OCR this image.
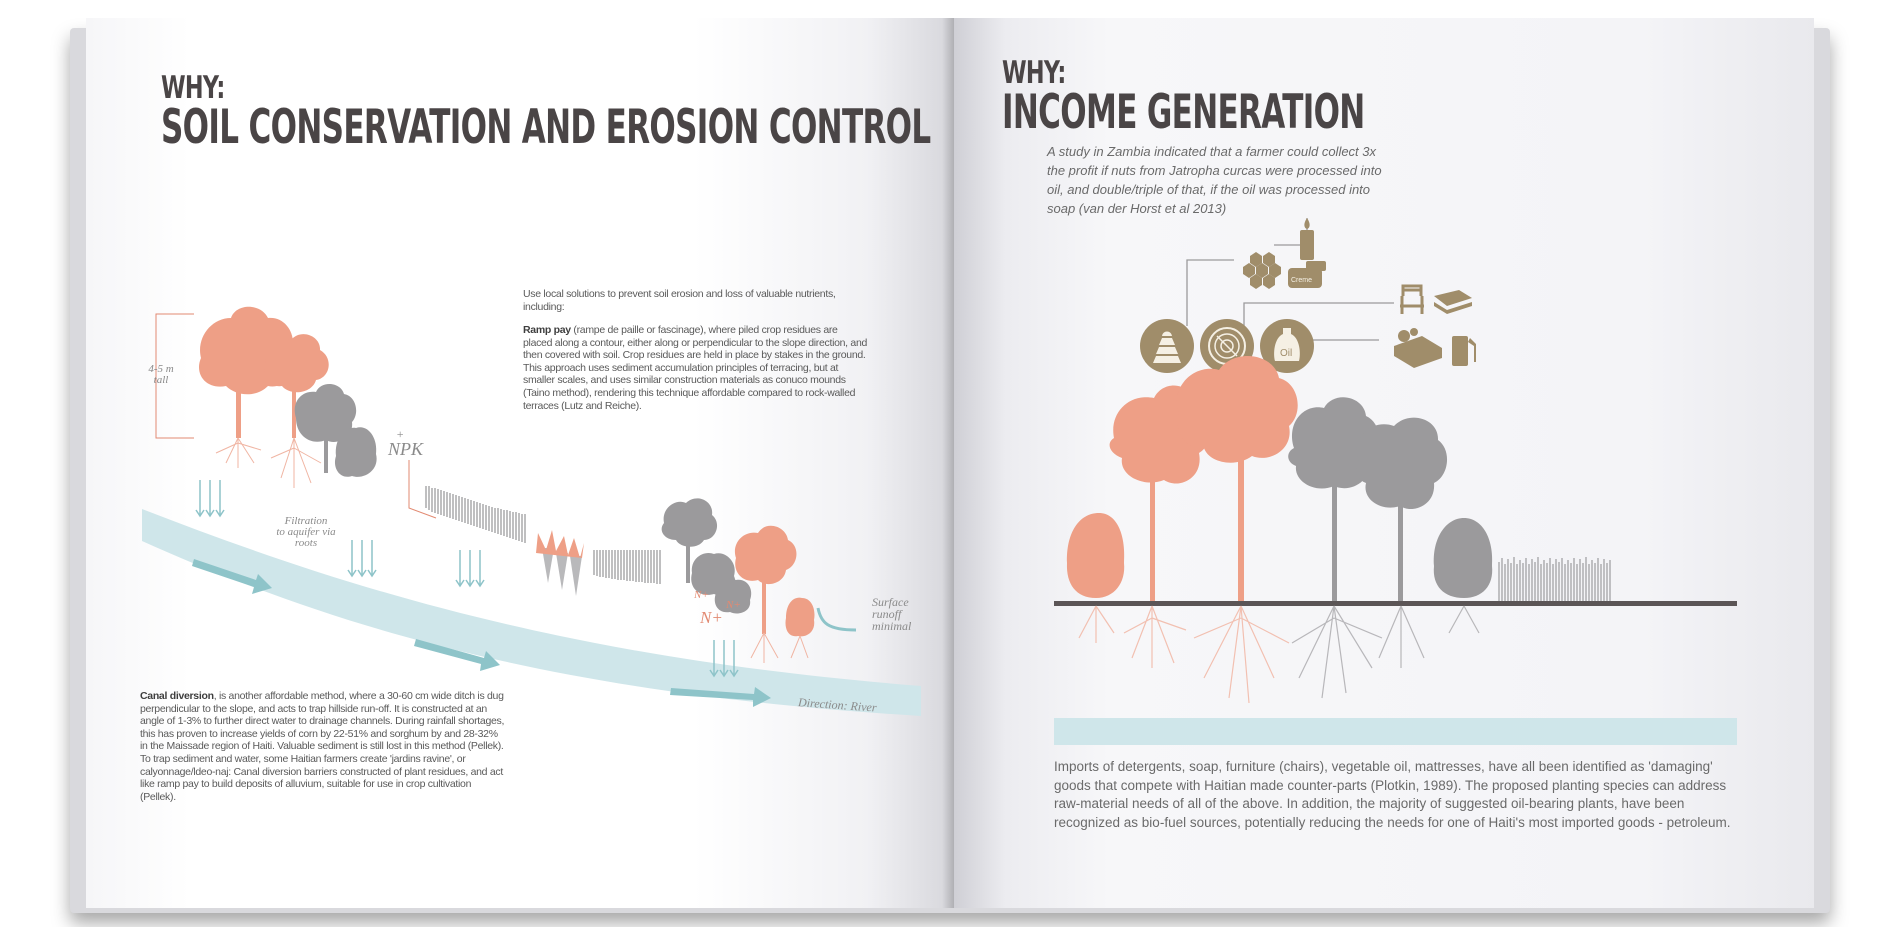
WHY:
SOIL CONSERVATION AND EROSION CONTROL
Use local solutions to prevent soil erosion and loss of valuable nutrients, including:
Ramp pay (rampe de paille or fascinage), where piled crop residues are placed along a contour, either along or perpendicular to the slope direction, and then covered with soil. Crop residues are held in place by stakes in the ground. This approach uses sediment accumulation principles of terracing, but at smaller scales, and uses similar construction materials as conuco mounds (Taino method), rendering this technique affordable compared to rock-walled terraces (Lutz and Reiche).
Canal diversion, is another affordable method, where a 30-60 cm wide ditch is dug perpendicular to the slope, and acts to trap hillside run-off. It is constructed at an angle of 1-3% to further direct water to drainage channels. During rainfall shortages, this has proven to increase yields of corn by 22-51% and sorghum by and 28-32% in the Maissade region of Haiti. Valuable sediment is still lost in this method (Pellek). To trap sediment and water, some Haitian farmers create 'jardins ravine', or calyonnage/ldeo-naj: Canal diversion barriers constructed of plant residues, and act like ramp pay to build deposits of alluvium, suitable for use in crop cultivation (Pellek).
+
NPK
N+
N+
N+
4-5 m
tall
Filtration
to aquifer via
roots
Surface
runoff
minimal
Direction: River
WHY:
INCOME GENERATION
A study in Zambia indicated that a farmer could collect 3x the profit if nuts from Jatropha curcas were processed into oil, and double/triple of that, if the oil was processed into soap (van der Horst et al 2013)
Oil
Creme
Imports of detergents, soap, furniture (chairs), vegetable oil, mattresses, have all been identified as 'damaging' goods that compete with Haitian made counter-parts (Plotkin, 1989). The proposed planting species can address raw-material needs of all of the above. In addition, the majority of suggested oil-bearing plants, have been recognized as bio-fuel sources, potentially reducing the needs for one of Haiti's most imported goods - petroleum.
